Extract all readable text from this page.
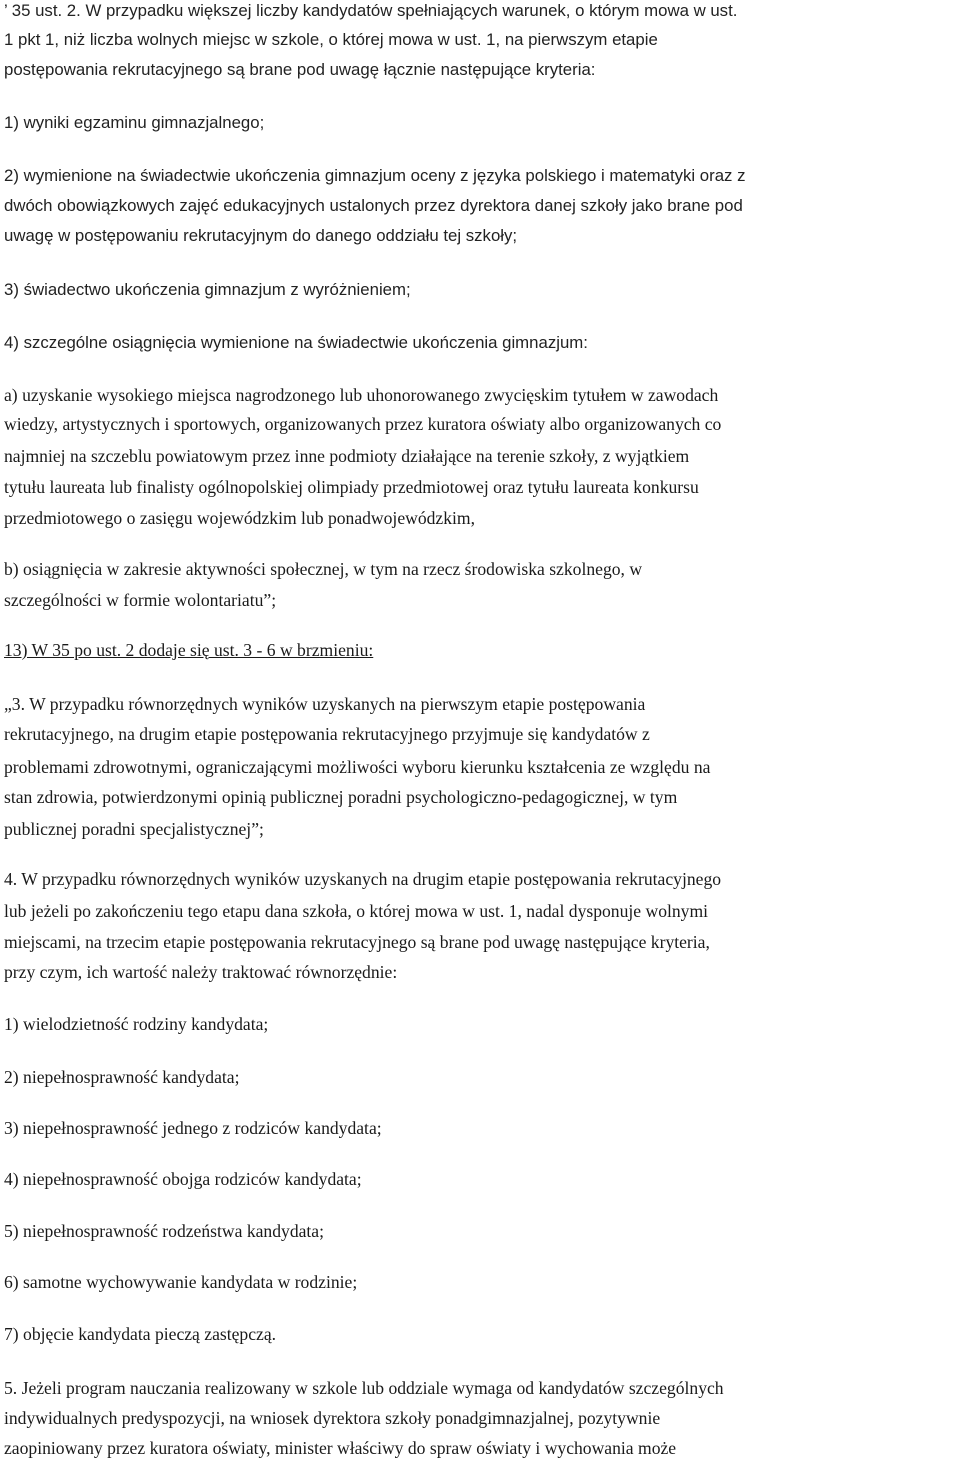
’ 35 ust. 2. W przypadku większej liczby kandydatów spełniających warunek, o którym mowa w ust.
1 pkt 1, niż liczba wolnych miejsc w szkole, o której mowa w ust. 1, na pierwszym etapie
postępowania rekrutacyjnego są brane pod uwagę łącznie następujące kryteria:
1) wyniki egzaminu gimnazjalnego;
2) wymienione na świadectwie ukończenia gimnazjum oceny z języka polskiego i matematyki oraz z
dwóch obowiązkowych zajęć edukacyjnych ustalonych przez dyrektora danej szkoły jako brane pod
uwagę w postępowaniu rekrutacyjnym do danego oddziału tej szkoły;
3) świadectwo ukończenia gimnazjum z wyróżnieniem;
4) szczególne osiągnięcia wymienione na świadectwie ukończenia gimnazjum:
a) uzyskanie wysokiego miejsca nagrodzonego lub uhonorowanego zwycięskim tytułem w zawodach
wiedzy, artystycznych i sportowych, organizowanych przez kuratora oświaty albo organizowanych co
najmniej na szczeblu powiatowym przez inne podmioty działające na terenie szkoły, z wyjątkiem
tytułu laureata lub finalisty ogólnopolskiej olimpiady przedmiotowej oraz tytułu laureata konkursu
przedmiotowego o zasięgu wojewódzkim lub ponadwojewódzkim,
b) osiągnięcia w zakresie aktywności społecznej, w tym na rzecz środowiska szkolnego, w
szczególności w formie wolontariatu”;
13) W 35 po ust. 2 dodaje się ust. 3 - 6 w brzmieniu:
„3. W przypadku równorzędnych wyników uzyskanych na pierwszym etapie postępowania
rekrutacyjnego, na drugim etapie postępowania rekrutacyjnego przyjmuje się kandydatów z
problemami zdrowotnymi, ograniczającymi możliwości wyboru kierunku kształcenia ze względu na
stan zdrowia, potwierdzonymi opinią publicznej poradni psychologiczno-pedagogicznej, w tym
publicznej poradni specjalistycznej”;
4. W przypadku równorzędnych wyników uzyskanych na drugim etapie postępowania rekrutacyjnego
lub jeżeli po zakończeniu tego etapu dana szkoła, o której mowa w ust. 1, nadal dysponuje wolnymi
miejscami, na trzecim etapie postępowania rekrutacyjnego są brane pod uwagę następujące kryteria,
przy czym, ich wartość należy traktować równorzędnie:
1) wielodzietność rodziny kandydata;
2) niepełnosprawność kandydata;
3) niepełnosprawność jednego z rodziców kandydata;
4) niepełnosprawność obojga rodziców kandydata;
5) niepełnosprawność rodzeństwa kandydata;
6) samotne wychowywanie kandydata w rodzinie;
7) objęcie kandydata pieczą zastępczą.
5. Jeżeli program nauczania realizowany w szkole lub oddziale wymaga od kandydatów szczególnych
indywidualnych predyspozycji, na wniosek dyrektora szkoły ponadgimnazjalnej, pozytywnie
zaopiniowany przez kuratora oświaty, minister właściwy do spraw oświaty i wychowania może
